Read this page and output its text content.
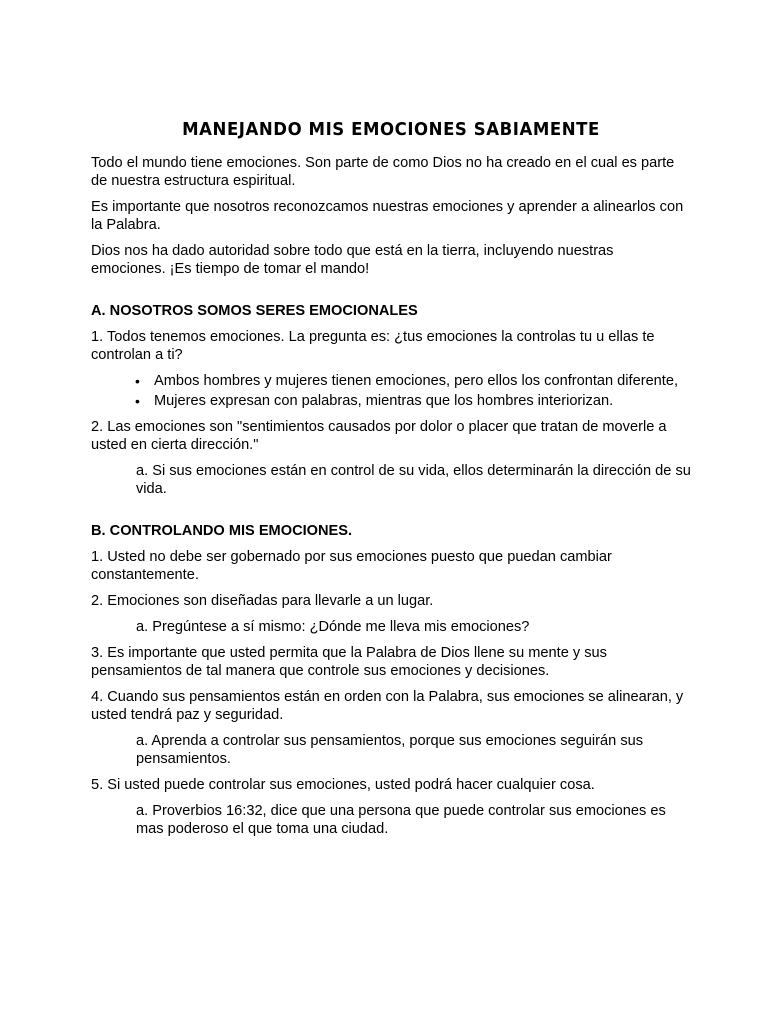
MANEJANDO MIS EMOCIONES SABIAMENTE

Todo el mundo tiene emociones. Son parte de como Dios no ha creado en el cual es parte de nuestra estructura espiritual.

Es importante que nosotros reconozcamos nuestras emociones y aprender a alinearlos con la Palabra.

Dios nos ha dado autoridad sobre todo que está en la tierra, incluyendo nuestras emociones. ¡Es tiempo de tomar el mando!

A. NOSOTROS SOMOS SERES EMOCIONALES

1. Todos tenemos emociones. La pregunta es: ¿tus emociones la controlas tu u ellas te controlan a ti?

• Ambos hombres y mujeres tienen emociones, pero ellos los confrontan diferente,
• Mujeres expresan con palabras, mientras que los hombres interiorizan.

2. Las emociones son "sentimientos causados por dolor o placer que tratan de moverle a usted en cierta dirección."

a. Si sus emociones están en control de su vida, ellos determinarán la dirección de su vida.

B. CONTROLANDO MIS EMOCIONES.

1. Usted no debe ser gobernado por sus emociones puesto que puedan cambiar constantemente.

2. Emociones son diseñadas para llevarle a un lugar.

a. Pregúntese a sí mismo: ¿Dónde me lleva mis emociones?

3. Es importante que usted permita que la Palabra de Dios llene su mente y sus pensamientos de tal manera que controle sus emociones y decisiones.

4. Cuando sus pensamientos están en orden con la Palabra, sus emociones se alinearan, y usted tendrá paz y seguridad.

a. Aprenda a controlar sus pensamientos, porque sus emociones seguirán sus pensamientos.

5. Si usted puede controlar sus emociones, usted podrá hacer cualquier cosa.

a. Proverbios 16:32, dice que una persona que puede controlar sus emociones es mas poderoso el que toma una ciudad.
